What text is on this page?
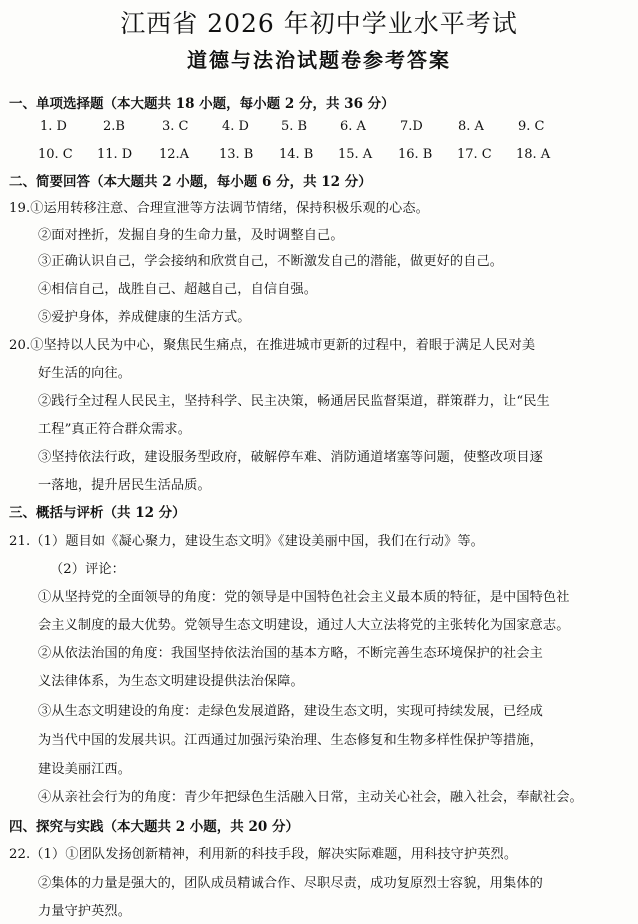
江西省 2026 年初中学业水平考试
道德与法治试题卷参考答案
一、单项选择题（本大题共 18 小题，每小题 2 分，共 36 分）
1. D	2.B	3. C	4. D 5. B	6. A	7.D	8. A	9. C
10. C 11. D 12.A 13. B 14. B 15. A 16. B 17. C 18. A
二、简要回答（本大题共 2 小题，每小题 6 分，共 12 分）
19.①运用转移注意、合理宣泄等方法调节情绪，保持积极乐观的心态。
②面对挫折，发掘自身的生命力量，及时调整自己。
③正确认识自己，学会接纳和欣赏自己，不断激发自己的潜能，做更好的自己。
④相信自己，战胜自己、超越自己，自信自强。
⑤爱护身体，养成健康的生活方式。
20.①坚持以人民为中心，聚焦民生痛点，在推进城市更新的过程中，着眼于满足人民对美
好生活的向往。
②践行全过程人民民主，坚持科学、民主决策，畅通居民监督渠道，群策群力，让“民生
工程”真正符合群众需求。
③坚持依法行政，建设服务型政府，破解停车难、消防通道堵塞等问题，使整改项目逐
一落地，提升居民生活品质。
三、概括与评析（共 12 分）
21.（1）题目如《凝心聚力，建设生态文明》《建设美丽中国，我们在行动》等。
（2）评论：
①从坚持党的全面领导的角度：党的领导是中国特色社会主义最本质的特征，是中国特色社
会主义制度的最大优势。党领导生态文明建设，通过人大立法将党的主张转化为国家意志。
②从依法治国的角度：我国坚持依法治国的基本方略，不断完善生态环境保护的社会主
义法律体系，为生态文明建设提供法治保障。
③从生态文明建设的角度：走绿色发展道路，建设生态文明，实现可持续发展，已经成
为当代中国的发展共识。江西通过加强污染治理、生态修复和生物多样性保护等措施，
建设美丽江西。
④从亲社会行为的角度：青少年把绿色生活融入日常，主动关心社会，融入社会，奉献社会。
四、探究与实践（本大题共 2 小题，共 20 分）
22.（1）①团队发扬创新精神，利用新的科技手段，解决实际难题，用科技守护英烈。
②集体的力量是强大的，团队成员精诚合作、尽职尽责，成功复原烈士容貌，用集体的
力量守护英烈。
